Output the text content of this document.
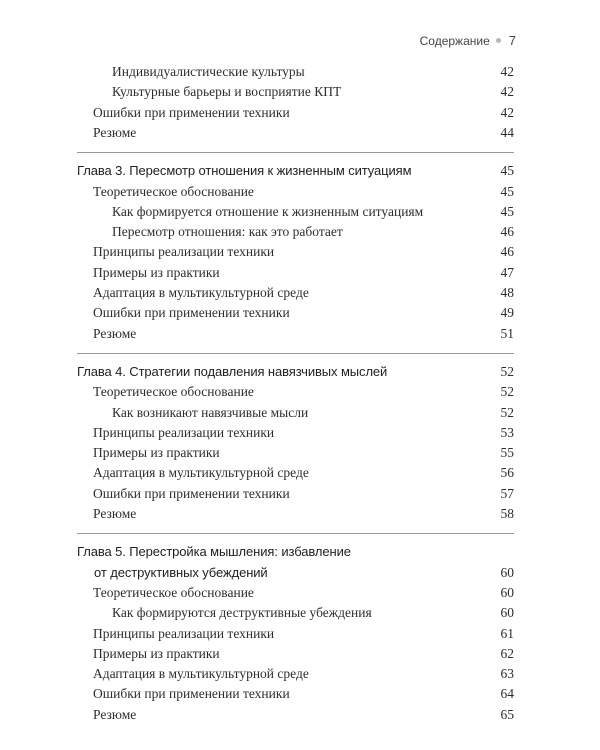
Содержание 7
Индивидуалистические культуры	42
Культурные барьеры и восприятие КПТ	42
Ошибки при применении техники	42
Резюме	44
Глава 3. Пересмотр отношения к жизненным ситуациям	45
Теоретическое обоснование	45
Как формируется отношение к жизненным ситуациям	45
Пересмотр отношения: как это работает	46
Принципы реализации техники	46
Примеры из практики	47
Адаптация в мультикультурной среде	48
Ошибки при применении техники	49
Резюме	51
Глава 4. Стратегии подавления навязчивых мыслей	52
Теоретическое обоснование	52
Как возникают навязчивые мысли	52
Принципы реализации техники	53
Примеры из практики	55
Адаптация в мультикультурной среде	56
Ошибки при применении техники	57
Резюме	58
Глава 5. Перестройка мышления: избавление
от деструктивных убеждений	60
Теоретическое обоснование	60
Как формируются деструктивные убеждения	60
Принципы реализации техники	61
Примеры из практики	62
Адаптация в мультикультурной среде	63
Ошибки при применении техники	64
Резюме	65
